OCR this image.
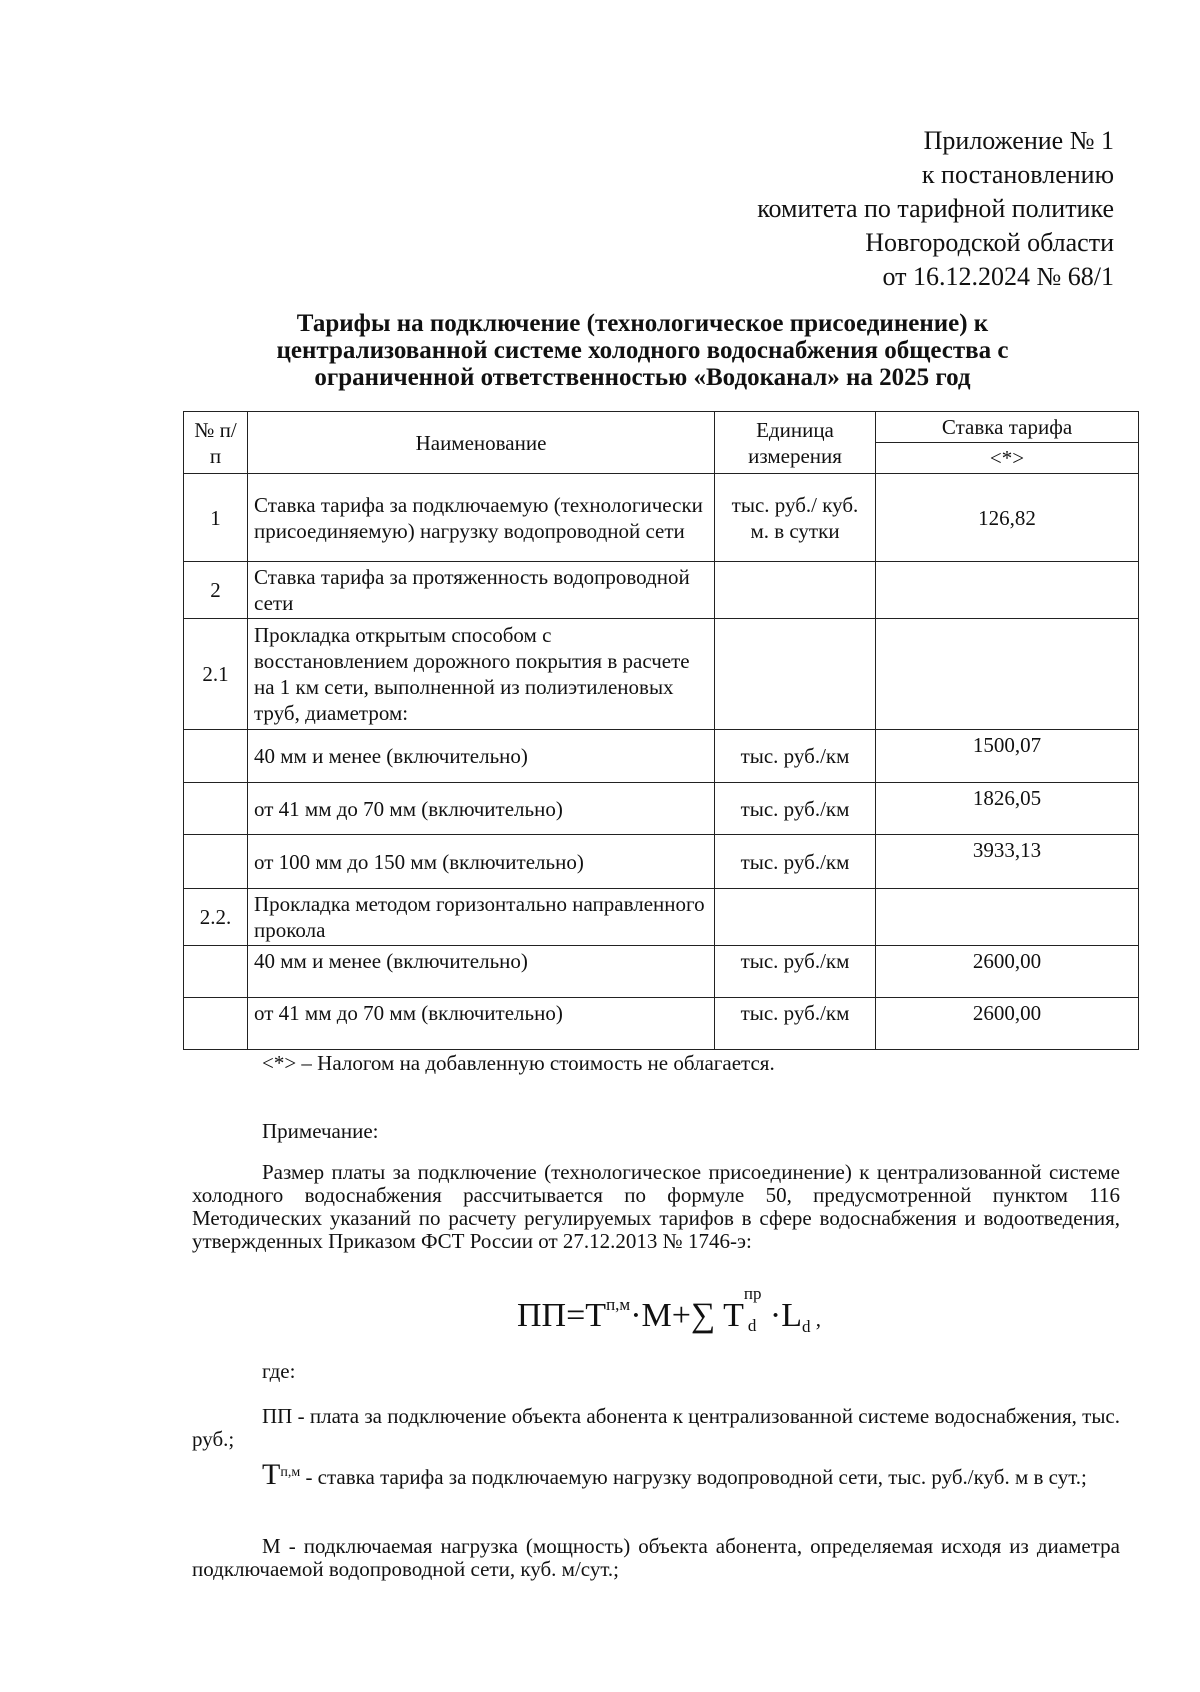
Приложение № 1
к постановлению
комитета по тарифной политике
Новгородской области
от 16.12.2024 № 68/1
Тарифы на подключение (технологическое присоединение) к
централизованной системе холодного водоснабжения общества с
ограниченной ответственностью «Водоканал» на 2025 год
№ п/п	Наименование	Единица измерения	Ставка тарифа
			<*>
1	Ставка тарифа за подключаемую (технологически присоединяемую) нагрузку водопроводной сети	тыс. руб./ куб. м. в сутки	126,82
2	Ставка тарифа за протяженность водопроводной сети		
2.1	Прокладка открытым способом с восстановлением дорожного покрытия в расчете на 1 км сети, выполненной из полиэтиленовых труб, диаметром:		
	40 мм и менее (включительно)	тыс. руб./км	1500,07
	от 41 мм до 70 мм (включительно)	тыс. руб./км	1826,05
	от 100 мм до 150 мм (включительно)	тыс. руб./км	3933,13
2.2.	Прокладка методом горизонтально направленного прокола		
	40 мм и менее (включительно)	тыс. руб./км	2600,00
	от 41 мм до 70 мм (включительно)	тыс. руб./км	2600,00
<*> – Налогом на добавленную стоимость не облагается.
Примечание:
Размер платы за подключение (технологическое присоединение) к централизованной системе холодного водоснабжения рассчитывается по формуле 50, предусмотренной пунктом 116 Методических указаний по расчету регулируемых тарифов в сфере водоснабжения и водоотведения, утвержденных Приказом ФСТ России от 27.12.2013 № 1746-э:
$ПП=T^{п,м}\cdot M+\sum$ T
пр
$d \cdot L_d$ ,
где:
ПП - плата за подключение объекта абонента к централизованной системе водоснабжения, тыс. руб.;
$T^{п,м}$ - ставка тарифа за подключаемую нагрузку водопроводной сети, тыс. руб./куб. м в сут.;
М - подключаемая нагрузка (мощность) объекта абонента, определяемая исходя из диаметра подключаемой водопроводной сети, куб. м/сут.;
